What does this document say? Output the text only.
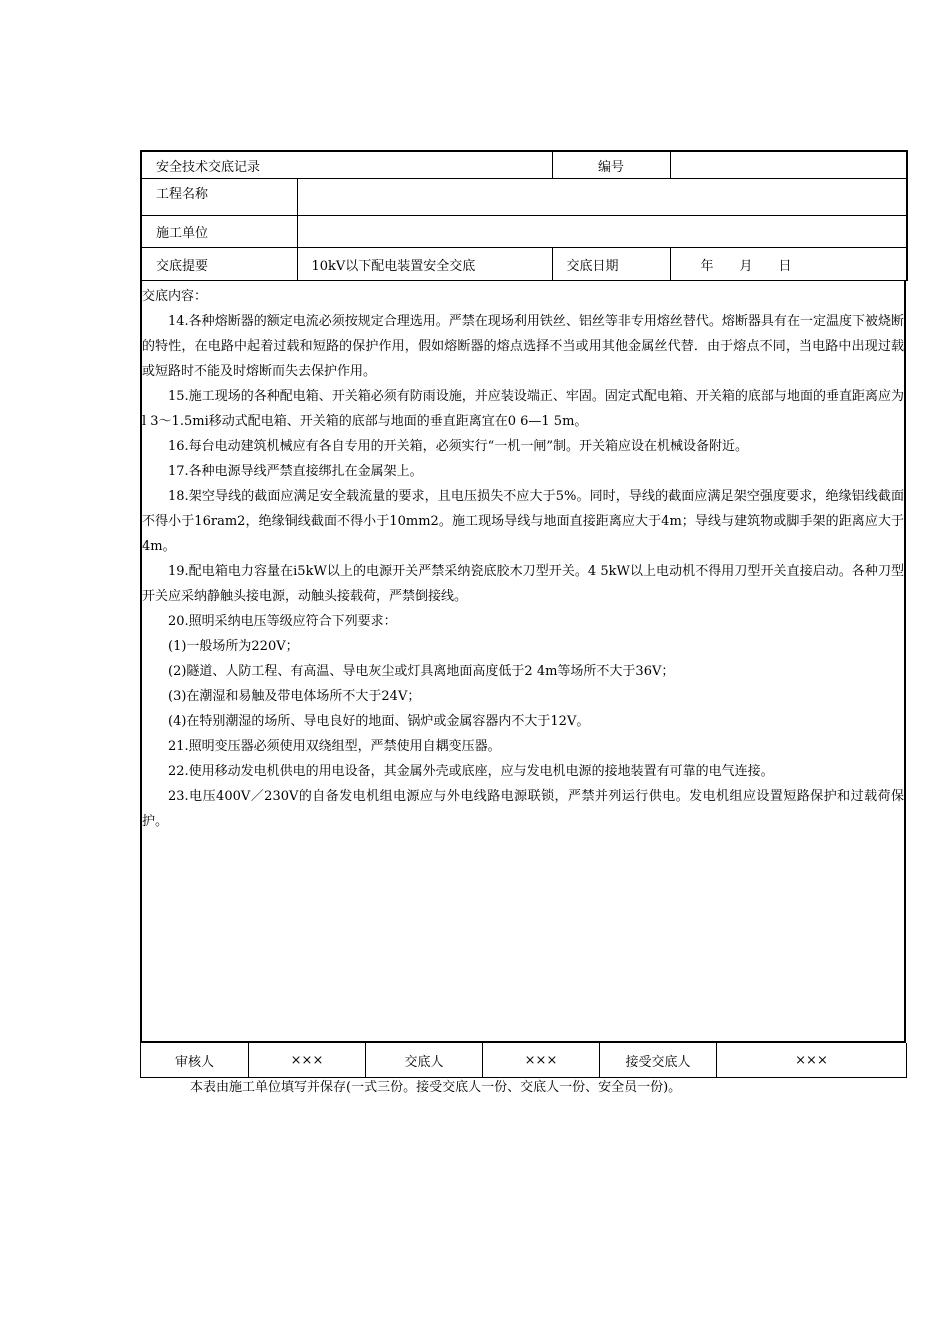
安全技术交底记录		编号	
工程名称			
施工单位			
交底提要	10kV以下配电装置安全交底	交底日期	年　　月　　日

交底内容：

14.各种熔断器的额定电流必须按规定合理选用。严禁在现场利用铁丝、铝丝等非专用熔丝替代。熔断器具有在一定温度下被烧断的特性，在电路中起着过载和短路的保护作用，假如熔断器的熔点选择不当或用其他金属丝代替．由于熔点不同，当电路中出现过载或短路时不能及时熔断而失去保护作用。

15.施工现场的各种配电箱、开关箱必须有防雨设施，并应装设端正、牢固。固定式配电箱、开关箱的底部与地面的垂直距离应为l 3～1.5mi移动式配电箱、开关箱的底部与地面的垂直距离宜在0 6—1 5m。

16.每台电动建筑机械应有各自专用的开关箱，必须实行“一机一闸”制。开关箱应设在机械设备附近。

17.各种电源导线严禁直接绑扎在金属架上。

18.架空导线的截面应满足安全载流量的要求，且电压损失不应大于5%。同时，导线的截面应满足架空强度要求，绝缘铝线截面不得小于16ram2，绝缘铜线截面不得小于10mm2。施工现场导线与地面直接距离应大于4m；导线与建筑物或脚手架的距离应大于4m。

19.配电箱电力容量在i5kW以上的电源开关严禁采纳瓷底胶木刀型开关。4 5kW以上电动机不得用刀型开关直接启动。各种刀型开关应采纳静触头接电源，动触头接载荷，严禁倒接线。

20.照明采纳电压等级应符合下列要求：

(1)一般场所为220V；

(2)隧道、人防工程、有高温、导电灰尘或灯具离地面高度低于2 4m等场所不大于36V；

(3)在潮湿和易触及带电体场所不大于24V；

(4)在特别潮湿的场所、导电良好的地面、锅炉或金属容器内不大于12V。

21.照明变压器必须使用双绕组型，严禁使用自耦变压器。

22.使用移动发电机供电的用电设备，其金属外壳或底座，应与发电机电源的接地装置有可靠的电气连接。

23.电压400V／230V的自备发电机组电源应与外电线路电源联锁，严禁并列运行供电。发电机组应设置短路保护和过载荷保护。

审核人	×××	交底人	×××	接受交底人	×××
本表由施工单位填写并保存(一式三份。接受交底人一份、交底人一份、安全员一份)。
